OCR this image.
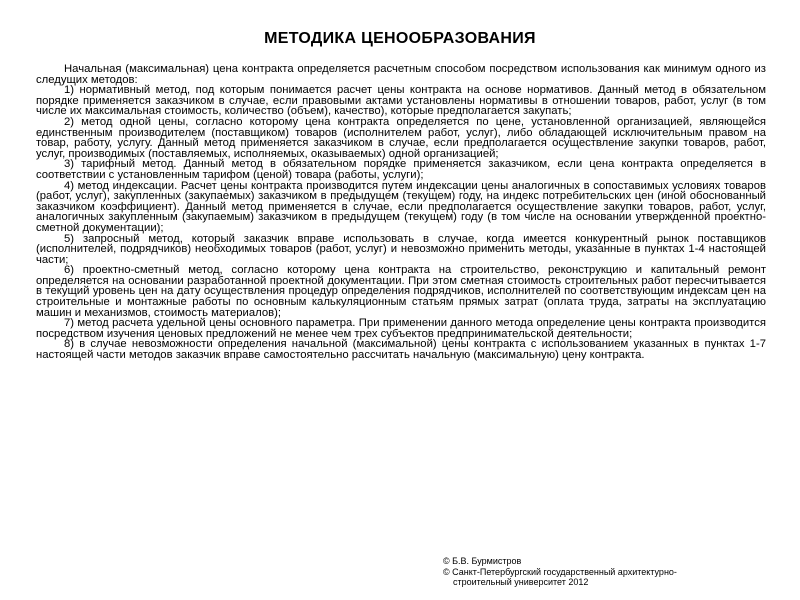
МЕТОДИКА ЦЕНООБРАЗОВАНИЯ

Начальная (максимальная) цена контракта определяется расчетным способом посредством использования как минимум одного из следущих методов:

1) нормативный метод, под которым понимается расчет цены контракта на основе нормативов. Данный метод в обязательном порядке применяется заказчиком в случае, если правовыми актами установлены нормативы в отношении товаров, работ, услуг (в том числе их максимальная стоимость, количество (объем), качество), которые предполагается закупать;

2) метод одной цены, согласно которому цена контракта определяется по цене, установленной организацией, являющейся единственным производителем (поставщиком) товаров (исполнителем работ, услуг), либо обладающей исключительным правом на товар, работу, услугу. Данный метод применяется заказчиком в случае, если предполагается осуществление закупки товаров, работ, услуг, производимых (поставляемых, исполняемых, оказываемых) одной организацией;

3) тарифный метод. Данный метод в обязательном порядке применяется заказчиком, если цена контракта определяется в соответствии с установленным тарифом (ценой) товара (работы, услуги);

4) метод индексации. Расчет цены контракта производится путем индексации цены аналогичных в сопоставимых условиях товаров (работ, услуг), закупленных (закупаемых) заказчиком в предыдущем (текущем) году, на индекс потребительских цен (иной обоснованный заказчиком коэффициент). Данный метод применяется в случае, если предполагается осуществление закупки товаров, работ, услуг, аналогичных закупленным (закупаемым) заказчиком в предыдущем (текущем) году (в том числе на основании утвержденной проектно-сметной документации);

5) запросный метод, который заказчик вправе использовать в случае, когда имеется конкурентный рынок поставщиков (исполнителей, подрядчиков) необходимых товаров (работ, услуг) и невозможно применить методы, указанные в пунктах 1-4 настоящей части;

6) проектно-сметный метод, согласно которому цена контракта на строительство, реконструкцию и капитальный ремонт определяется на основании разработанной проектной документации. При этом сметная стоимость строительных работ пересчитывается в текущий уровень цен на дату осуществления процедур определения подрядчиков, исполнителей по соответствующим индексам цен на строительные и монтажные работы по основным калькуляционным статьям прямых затрат (оплата труда, затраты на эксплуатацию машин и механизмов, стоимость материалов);

7) метод расчета удельной цены основного параметра. При применении данного метода определение цены контракта производится посредством изучения ценовых предложений не менее чем трех субъектов предпринимательской деятельности;

8) в случае невозможности определения начальной (максимальной) цены контракта с использованием указанных в пунктах 1-7 настоящей части методов заказчик вправе самостоятельно рассчитать начальную (максимальную) цену контракта.

© Б.В. Бурмистров
© Санкт-Петербургский государственный архитектурно-
строительный университет 2012
